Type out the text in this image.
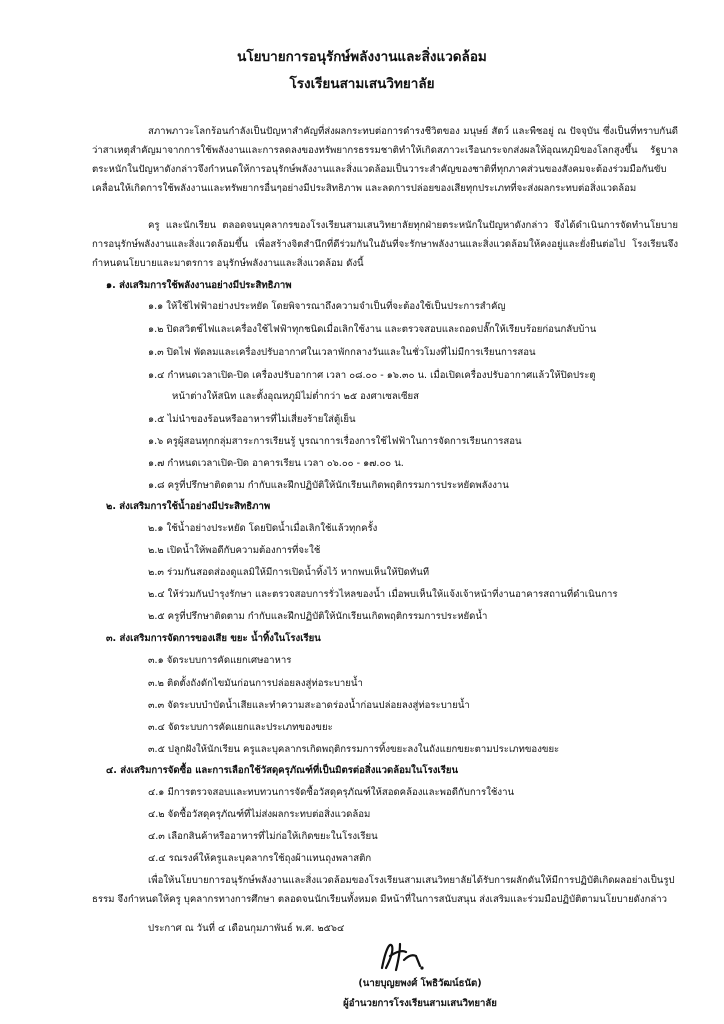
นโยบายการอนุรักษ์พลังงานและสิ่งแวดล้อม
โรงเรียนสามเสนวิทยาลัย
สภาพภาวะโลกร้อนกำลังเป็นปัญหาสำคัญที่ส่งผลกระทบต่อการดำรงชีวิตของ มนุษย์ สัตว์ และพืชอยู่ ณ ปัจจุบัน ซึ่งเป็นที่ทราบกันดีว่าสาเหตุสำคัญมาจากการใช้พลังงานและการลดลงของทรัพยากรธรรมชาติทำให้เกิดสภาวะเรือนกระจกส่งผลให้อุณหภูมิของโลกสูงขึ้น รัฐบาลตระหนักในปัญหาดังกล่าวจึงกำหนดให้การอนุรักษ์พลังงานและสิ่งแวดล้อมเป็นวาระสำคัญของชาติที่ทุกภาคส่วนของสังคมจะต้องร่วมมือกันขับเคลื่อนให้เกิดการใช้พลังงานและทรัพยากรอื่นๆอย่างมีประสิทธิภาพ และลดการปล่อยของเสียทุกประเภทที่จะส่งผลกระทบต่อสิ่งแวดล้อม
ครู และนักเรียน ตลอดจนบุคลากรของโรงเรียนสามเสนวิทยาลัยทุกฝ่ายตระหนักในปัญหาดังกล่าว จึงได้ดำเนินการจัดทำนโยบายการอนุรักษ์พลังงานและสิ่งแวดล้อมขึ้น เพื่อสร้างจิตสำนึกที่ดีร่วมกันในอันที่จะรักษาพลังงานและสิ่งแวดล้อมให้คงอยู่และยั่งยืนต่อไป โรงเรียนจึงกำหนดนโยบายและมาตรการ อนุรักษ์พลังงานและสิ่งแวดล้อม ดังนี้
๑. ส่งเสริมการใช้พลังงานอย่างมีประสิทธิภาพ
๑.๑ ให้ใช้ไฟฟ้าอย่างประหยัด โดยพิจารณาถึงความจำเป็นที่จะต้องใช้เป็นประการสำคัญ
๑.๒ ปิดสวิตช์ไฟและเครื่องใช้ไฟฟ้าทุกชนิดเมื่อเลิกใช้งาน และตรวจสอบและถอดปลั๊กให้เรียบร้อยก่อนกลับบ้าน
๑.๓ ปิดไฟ พัดลมและเครื่องปรับอากาศในเวลาพักกลางวันและในชั่วโมงที่ไม่มีการเรียนการสอน
๑.๔ กำหนดเวลาเปิด-ปิด เครื่องปรับอากาศ เวลา ๐๘.๐๐ - ๑๖.๓๐ น. เมื่อเปิดเครื่องปรับอากาศแล้วให้ปิดประตู
หน้าต่างให้สนิท และตั้งอุณหภูมิไม่ต่ำกว่า ๒๕ องศาเซลเซียส
๑.๕ ไม่นำของร้อนหรืออาหารที่ไม่เสี่ยงร้ายใส่ตู้เย็น
๑.๖ ครูผู้สอนทุกกลุ่มสาระการเรียนรู้ บูรณาการเรื่องการใช้ไฟฟ้าในการจัดการเรียนการสอน
๑.๗ กำหนดเวลาเปิด-ปิด อาคารเรียน เวลา ๐๖.๐๐ - ๑๗.๐๐ น.
๑.๘ ครูที่ปรึกษาติดตาม กำกับและฝึกปฏิบัติให้นักเรียนเกิดพฤติกรรมการประหยัดพลังงาน
๒. ส่งเสริมการใช้น้ำอย่างมีประสิทธิภาพ
๒.๑ ใช้น้ำอย่างประหยัด โดยปิดน้ำเมื่อเลิกใช้แล้วทุกครั้ง
๒.๒ เปิดน้ำให้พอดีกับความต้องการที่จะใช้
๒.๓ ร่วมกันสอดส่องดูแลมิให้มีการเปิดน้ำทิ้งไว้ หากพบเห็นให้ปิดทันที
๒.๔ ให้ร่วมกันบำรุงรักษา และตรวจสอบการรั่วไหลของน้ำ เมื่อพบเห็นให้แจ้งเจ้าหน้าที่งานอาคารสถานที่ดำเนินการ
๒.๕ ครูที่ปรึกษาติดตาม กำกับและฝึกปฏิบัติให้นักเรียนเกิดพฤติกรรมการประหยัดน้ำ
๓. ส่งเสริมการจัดการของเสีย ขยะ น้ำทิ้งในโรงเรียน
๓.๑ จัดระบบการคัดแยกเศษอาหาร
๓.๒ ติดตั้งถังดักไขมันก่อนการปล่อยลงสู่ท่อระบายน้ำ
๓.๓ จัดระบบบำบัดน้ำเสียและทำความสะอาดร่องน้ำก่อนปล่อยลงสู่ท่อระบายน้ำ
๓.๔ จัดระบบการคัดแยกและประเภทของขยะ
๓.๕ ปลูกฝังให้นักเรียน ครูและบุคลากรเกิดพฤติกรรมการทิ้งขยะลงในถังแยกขยะตามประเภทของขยะ
๔. ส่งเสริมการจัดซื้อ และการเลือกใช้วัสดุครุภัณฑ์ที่เป็นมิตรต่อสิ่งแวดล้อมในโรงเรียน
๔.๑ มีการตรวจสอบและทบทวนการจัดซื้อวัสดุครุภัณฑ์ให้สอดคล้องและพอดีกับการใช้งาน
๔.๒ จัดซื้อวัสดุครุภัณฑ์ที่ไม่ส่งผลกระทบต่อสิ่งแวดล้อม
๔.๓ เลือกสินค้าหรืออาหารที่ไม่ก่อให้เกิดขยะในโรงเรียน
๔.๔ รณรงค์ให้ครูและบุคลากรใช้ถุงผ้าแทนถุงพลาสติก
เพื่อให้นโยบายการอนุรักษ์พลังงานและสิ่งแวดล้อมของโรงเรียนสามเสนวิทยาลัยได้รับการผลักดันให้มีการปฏิบัติเกิดผลอย่างเป็นรูปธรรม จึงกำหนดให้ครู บุคลากรทางการศึกษา ตลอดจนนักเรียนทั้งหมด มีหน้าที่ในการสนับสนุน ส่งเสริมและร่วมมือปฏิบัติตามนโยบายดังกล่าว
ประกาศ ณ วันที่ ๔ เดือนกุมภาพันธ์ พ.ศ. ๒๕๖๔
(นายบุญยพงศ์ โพธิวัฒน์ธนัต)
ผู้อำนวยการโรงเรียนสามเสนวิทยาลัย
